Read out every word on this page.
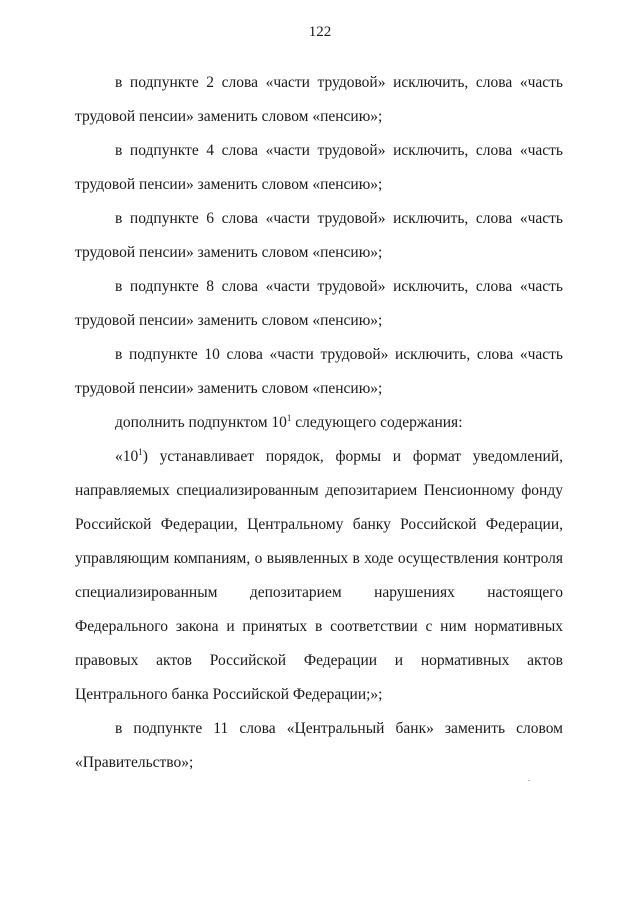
122

в подпункте 2 слова «части трудовой» исключить, слова «часть трудовой пенсии» заменить словом «пенсию»;

в подпункте 4 слова «части трудовой» исключить, слова «часть трудовой пенсии» заменить словом «пенсию»;

в подпункте 6 слова «части трудовой» исключить, слова «часть трудовой пенсии» заменить словом «пенсию»;

в подпункте 8 слова «части трудовой» исключить, слова «часть трудовой пенсии» заменить словом «пенсию»;

в подпункте 10 слова «части трудовой» исключить, слова «часть трудовой пенсии» заменить словом «пенсию»;

дополнить подпунктом $10^1$ следующего содержания:

«$10^1$) устанавливает порядок, формы и формат уведомлений, направляемых специализированным депозитарием Пенсионному фонду Российской Федерации, Центральному банку Российской Федерации, управляющим компаниям, о выявленных в ходе осуществления контроля специализированным депозитарием нарушениях настоящего Федерального закона и принятых в соответствии с ним нормативных правовых актов Российской Федерации и нормативных актов Центрального банка Российской Федерации;»;

в подпункте 11 слова «Центральный банк» заменить словом «Правительство»;
